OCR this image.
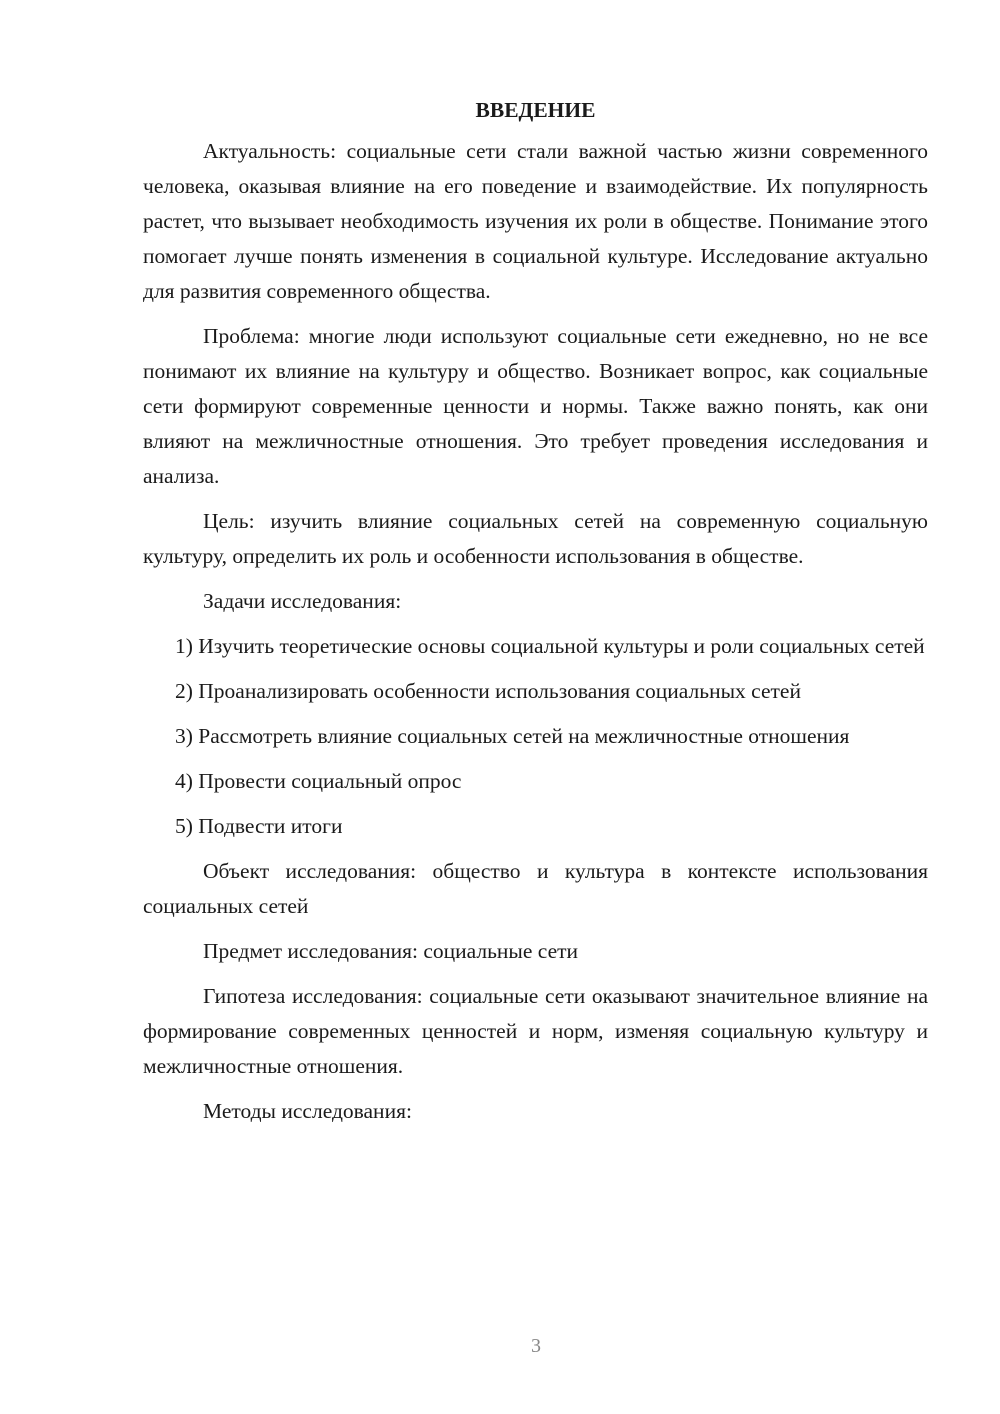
ВВЕДЕНИЕ
Актуальность: социальные сети стали важной частью жизни современного человека, оказывая влияние на его поведение и взаимодействие. Их популярность растет, что вызывает необходимость изучения их роли в обществе. Понимание этого помогает лучше понять изменения в социальной культуре. Исследование актуально для развития современного общества.
Проблема: многие люди используют социальные сети ежедневно, но не все понимают их влияние на культуру и общество. Возникает вопрос, как социальные сети формируют современные ценности и нормы. Также важно понять, как они влияют на межличностные отношения. Это требует проведения исследования и анализа.
Цель: изучить влияние социальных сетей на современную социальную культуру, определить их роль и особенности использования в обществе.
Задачи исследования:
1) Изучить теоретические основы социальной культуры и роли социальных сетей
2) Проанализировать особенности использования социальных сетей
3) Рассмотреть влияние социальных сетей на межличностные отношения
4) Провести социальный опрос
5) Подвести итоги
Объект исследования: общество и культура в контексте использования социальных сетей
Предмет исследования: социальные сети
Гипотеза исследования: социальные сети оказывают значительное влияние на формирование современных ценностей и норм, изменяя социальную культуру и межличностные отношения.
Методы исследования:
3
